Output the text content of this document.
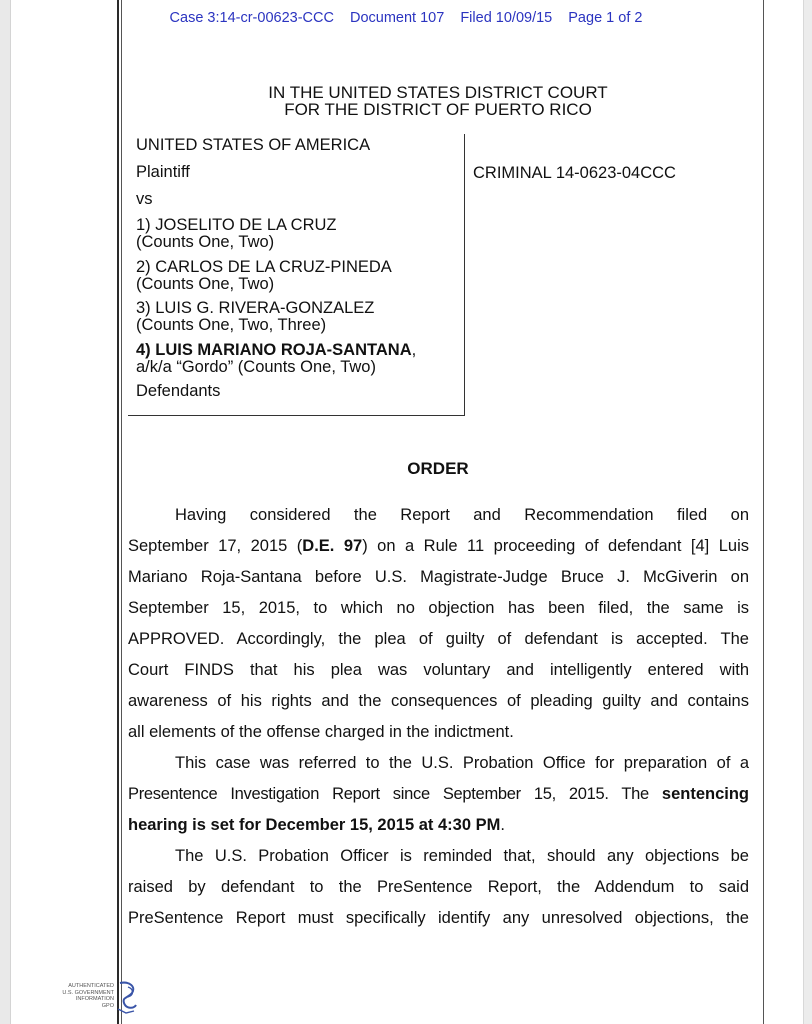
Case 3:14-cr-00623-CCC Document 107 Filed 10/09/15 Page 1 of 2
IN THE UNITED STATES DISTRICT COURT
FOR THE DISTRICT OF PUERTO RICO
UNITED STATES OF AMERICA
Plaintiff
vs
1) JOSELITO DE LA CRUZ
(Counts One, Two)
2) CARLOS DE LA CRUZ-PINEDA
(Counts One, Two)
3) LUIS G. RIVERA-GONZALEZ
(Counts One, Two, Three)
4) LUIS MARIANO ROJA-SANTANA,
a/k/a “Gordo” (Counts One, Two)
Defendants
CRIMINAL 14-0623-04CCC
ORDER
Having considered the Report and Recommendation filed on
September 17, 2015 (D.E. 97) on a Rule 11 proceeding of defendant [4] Luis
Mariano Roja-Santana before U.S. Magistrate-Judge Bruce J. McGiverin on
September 15, 2015, to which no objection has been filed, the same is
APPROVED. Accordingly, the plea of guilty of defendant is accepted. The
Court FINDS that his plea was voluntary and intelligently entered with
awareness of his rights and the consequences of pleading guilty and contains
all elements of the offense charged in the indictment.
This case was referred to the U.S. Probation Office for preparation of a
Presentence Investigation Report since September 15, 2015. The sentencing
hearing is set for December 15, 2015 at 4:30 PM.
The U.S. Probation Officer is reminded that, should any objections be
raised by defendant to the PreSentence Report, the Addendum to said
PreSentence Report must specifically identify any unresolved objections, the
AUTHENTICATED
U.S. GOVERNMENT
INFORMATION
GPO
